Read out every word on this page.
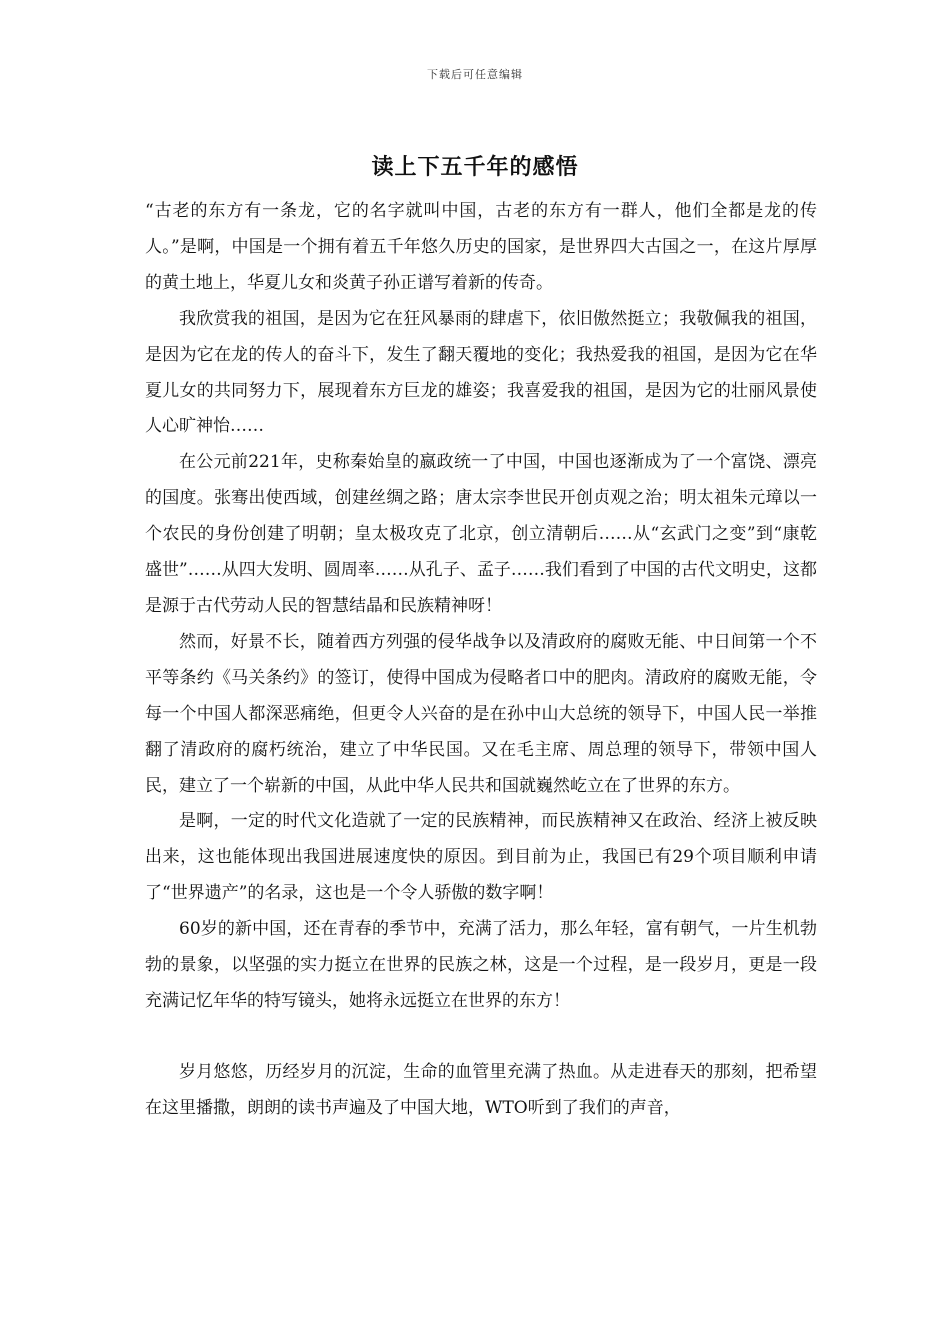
下载后可任意编辑
读上下五千年的感悟

“古老的东方有一条龙，它的名字就叫中国，古老的东方有一群人，他们全都是龙的传人。”是啊，中国是一个拥有着五千年悠久历史的国家，是世界四大古国之一，在这片厚厚的黄土地上，华夏儿女和炎黄子孙正谱写着新的传奇。

我欣赏我的祖国，是因为它在狂风暴雨的肆虐下，依旧傲然挺立；我敬佩我的祖国，是因为它在龙的传人的奋斗下，发生了翻天覆地的变化；我热爱我的祖国，是因为它在华夏儿女的共同努力下，展现着东方巨龙的雄姿；我喜爱我的祖国，是因为它的壮丽风景使人心旷神怡……

在公元前221年，史称秦始皇的嬴政统一了中国，中国也逐渐成为了一个富饶、漂亮的国度。张骞出使西域，创建丝绸之路；唐太宗李世民开创贞观之治；明太祖朱元璋以一个农民的身份创建了明朝；皇太极攻克了北京，创立清朝后……从“玄武门之变”到“康乾盛世”……从四大发明、圆周率……从孔子、孟子……我们看到了中国的古代文明史，这都是源于古代劳动人民的智慧结晶和民族精神呀！

然而，好景不长，随着西方列强的侵华战争以及清政府的腐败无能、中日间第一个不平等条约《马关条约》的签订，使得中国成为侵略者口中的肥肉。清政府的腐败无能，令每一个中国人都深恶痛绝，但更令人兴奋的是在孙中山大总统的领导下，中国人民一举推翻了清政府的腐朽统治，建立了中华民国。又在毛主席、周总理的领导下，带领中国人民，建立了一个崭新的中国，从此中华人民共和国就巍然屹立在了世界的东方。

是啊，一定的时代文化造就了一定的民族精神，而民族精神又在政治、经济上被反映出来，这也能体现出我国进展速度快的原因。到目前为止，我国已有29个项目顺利申请了“世界遗产”的名录，这也是一个令人骄傲的数字啊！

60岁的新中国，还在青春的季节中，充满了活力，那么年轻，富有朝气，一片生机勃勃的景象，以坚强的实力挺立在世界的民族之林，这是一个过程，是一段岁月，更是一段充满记忆年华的特写镜头，她将永远挺立在世界的东方！

岁月悠悠，历经岁月的沉淀，生命的血管里充满了热血。从走进春天的那刻，把希望在这里播撒，朗朗的读书声遍及了中国大地，WTO听到了我们的声音，
